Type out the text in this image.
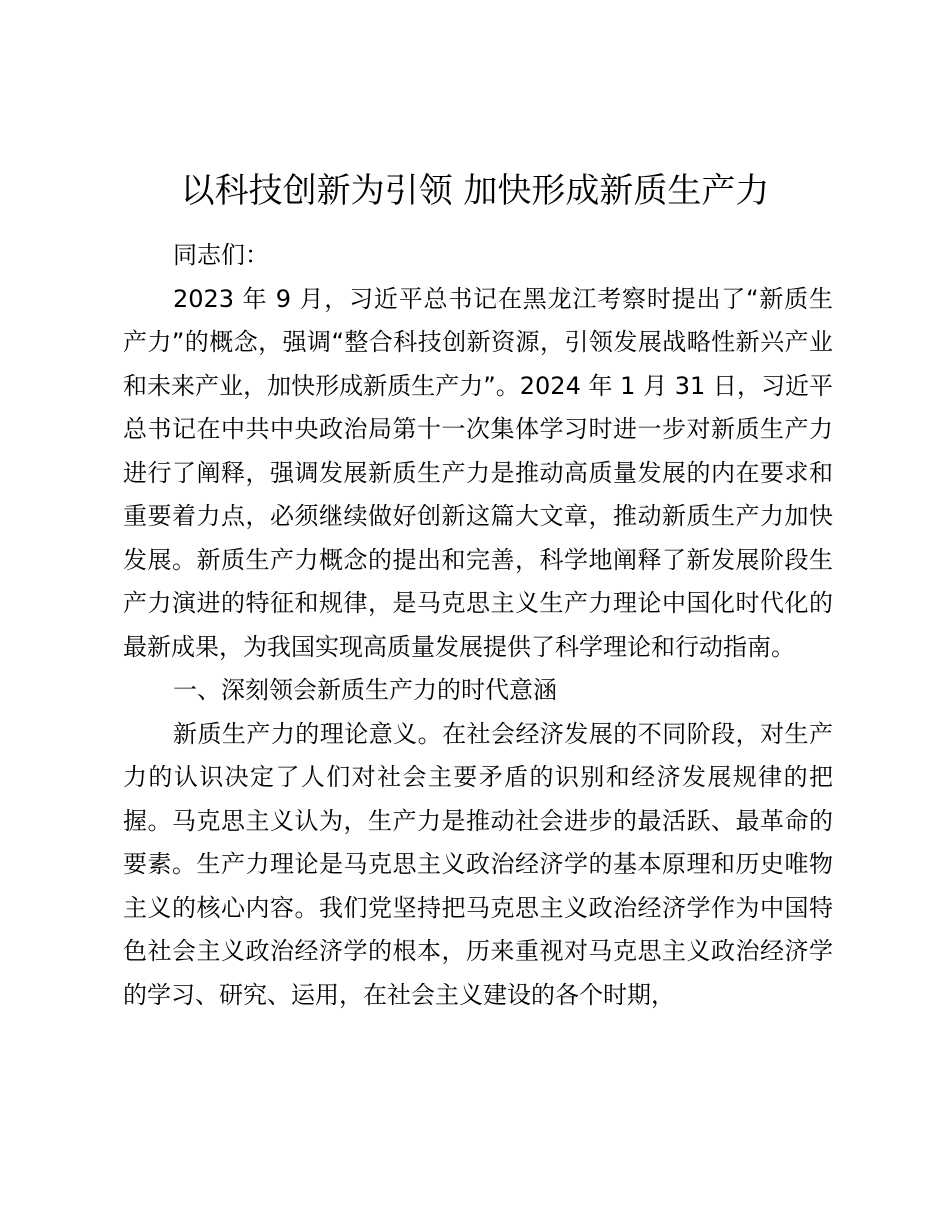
以科技创新为引领 加快形成新质生产力

同志们：

2023 年 9 月，习近平总书记在黑龙江考察时提出了“新质生产力”的概念，强调“整合科技创新资源，引领发展战略性新兴产业和未来产业，加快形成新质生产力”。2024 年 1 月 31 日，习近平总书记在中共中央政治局第十一次集体学习时进一步对新质生产力进行了阐释，强调发展新质生产力是推动高质量发展的内在要求和重要着力点，必须继续做好创新这篇大文章，推动新质生产力加快发展。新质生产力概念的提出和完善，科学地阐释了新发展阶段生产力演进的特征和规律，是马克思主义生产力理论中国化时代化的最新成果，为我国实现高质量发展提供了科学理论和行动指南。

一、深刻领会新质生产力的时代意涵

新质生产力的理论意义。在社会经济发展的不同阶段，对生产力的认识决定了人们对社会主要矛盾的识别和经济发展规律的把握。马克思主义认为，生产力是推动社会进步的最活跃、最革命的要素。生产力理论是马克思主义政治经济学的基本原理和历史唯物主义的核心内容。我们党坚持把马克思主义政治经济学作为中国特色社会主义政治经济学的根本，历来重视对马克思主义政治经济学的学习、研究、运用，在社会主义建设的各个时期，
